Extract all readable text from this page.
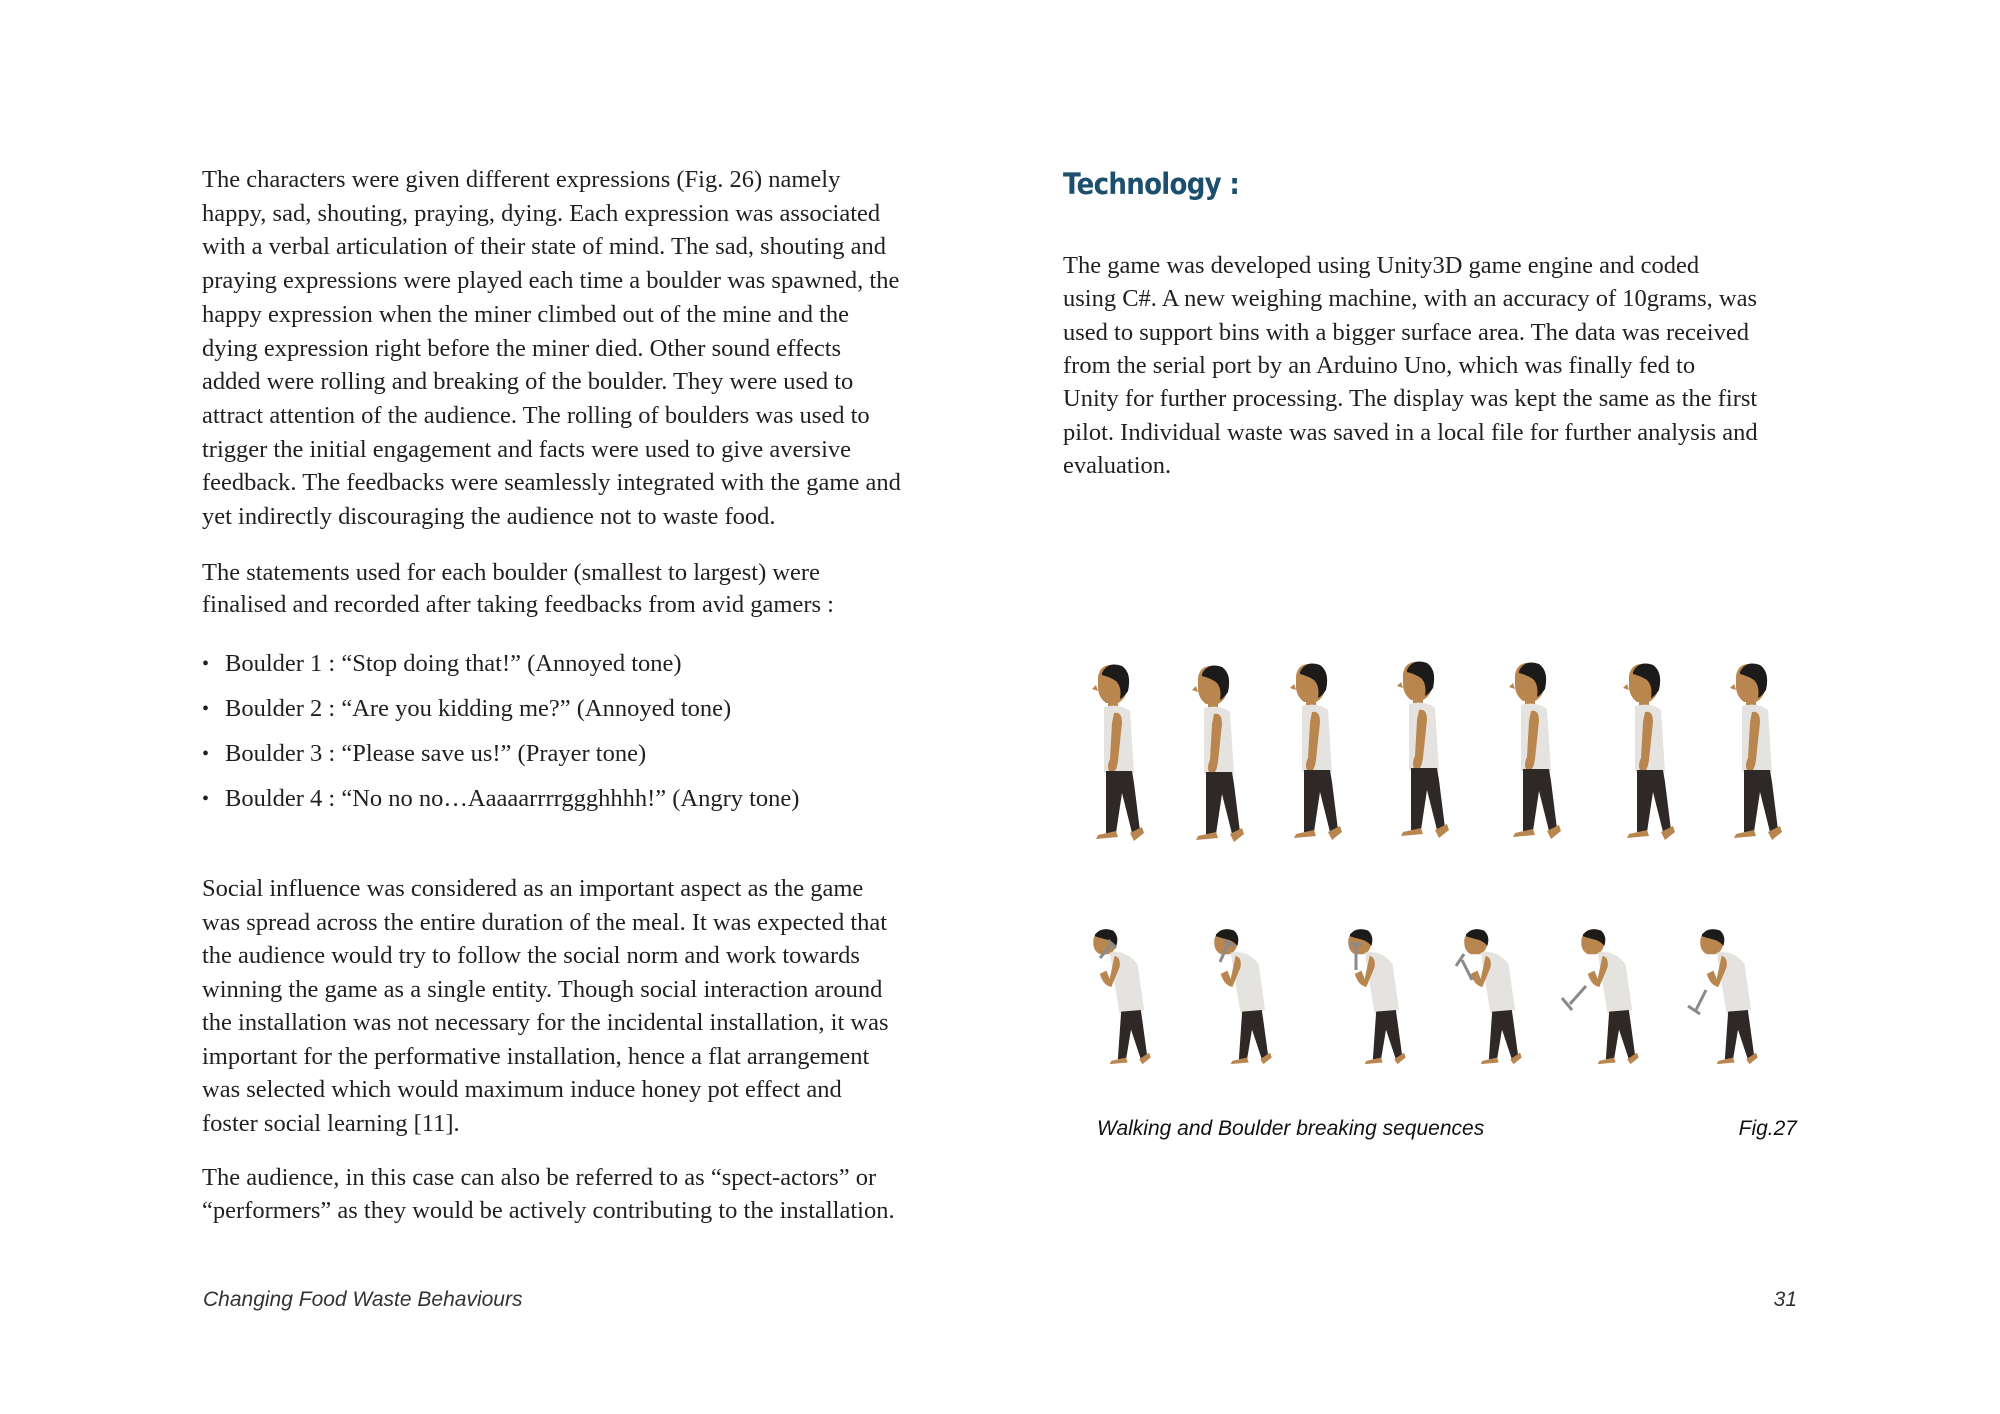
The characters were given different expressions (Fig. 26) namely
happy, sad, shouting, praying, dying. Each expression was associated
with a verbal articulation of their state of mind. The sad, shouting and
praying expressions were played each time a boulder was spawned, the
happy expression when the miner climbed out of the mine and the
dying expression right before the miner died. Other sound effects
added were rolling and breaking of the boulder. They were used to
attract attention of the audience. The rolling of boulders was used to
trigger the initial engagement and facts were used to give aversive
feedback. The feedbacks were seamlessly integrated with the game and
yet indirectly discouraging the audience not to waste food.
The statements used for each boulder (smallest to largest) were
finalised and recorded after taking feedbacks from avid gamers :
• Boulder 1 : “Stop doing that!” (Annoyed tone)
• Boulder 2 : “Are you kidding me?” (Annoyed tone)
• Boulder 3 : “Please save us!” (Prayer tone)
• Boulder 4 : “No no no…Aaaaarrrrggghhhh!” (Angry tone)
Social influence was considered as an important aspect as the game
was spread across the entire duration of the meal. It was expected that
the audience would try to follow the social norm and work towards
winning the game as a single entity. Though social interaction around
the installation was not necessary for the incidental installation, it was
important for the performative installation, hence a flat arrangement
was selected which would maximum induce honey pot effect and
foster social learning [11].
The audience, in this case can also be referred to as “spect-actors” or
“performers” as they would be actively contributing to the installation.
Technology :
The game was developed using Unity3D game engine and coded
using C#. A new weighing machine, with an accuracy of 10grams, was
used to support bins with a bigger surface area. The data was received
from the serial port by an Arduino Uno, which was finally fed to
Unity for further processing. The display was kept the same as the first
pilot. Individual waste was saved in a local file for further analysis and
evaluation.
Walking and Boulder breaking sequences	Fig.27
Changing Food Waste Behaviours	31
